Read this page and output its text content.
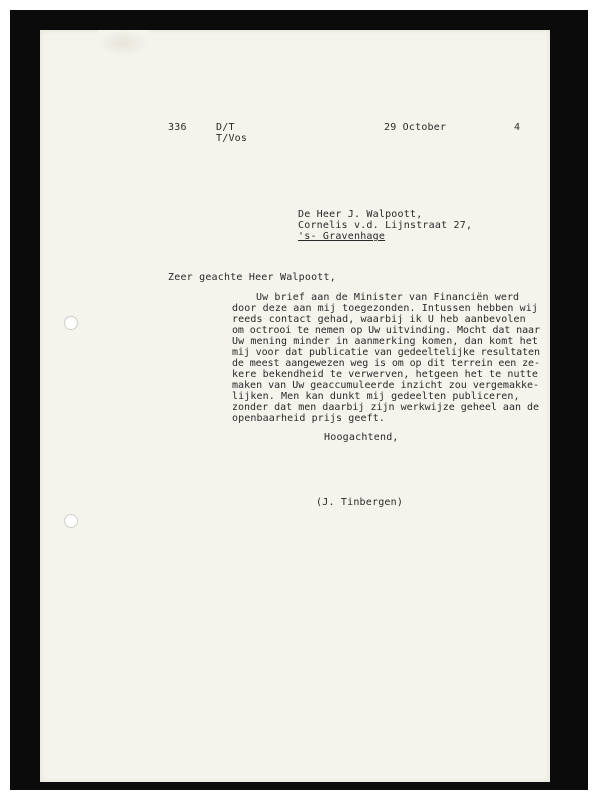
336	D/T
T/Vos
29 October	4
De Heer J. Walpoott,
Cornelis v.d. Lijnstraat 27,
's- Gravenhage
Zeer geachte Heer Walpoott,
Uw brief aan de Minister van Financiën werd
door deze aan mij toegezonden. Intussen hebben wij
reeds contact gehad, waarbij ik U heb aanbevolen
om octrooi te nemen op Uw uitvinding. Mocht dat naar
Uw mening minder in aanmerking komen, dan komt het
mij voor dat publicatie van gedeeltelijke resultaten
de meest aangewezen weg is om op dit terrein een ze-
kere bekendheid te verwerven, hetgeen het te nutte
maken van Uw geaccumuleerde inzicht zou vergemakke-
lijken. Men kan dunkt mij gedeelten publiceren,
zonder dat men daarbij zijn werkwijze geheel aan de
openbaarheid prijs geeft.
Hoogachtend,
(J. Tinbergen)
